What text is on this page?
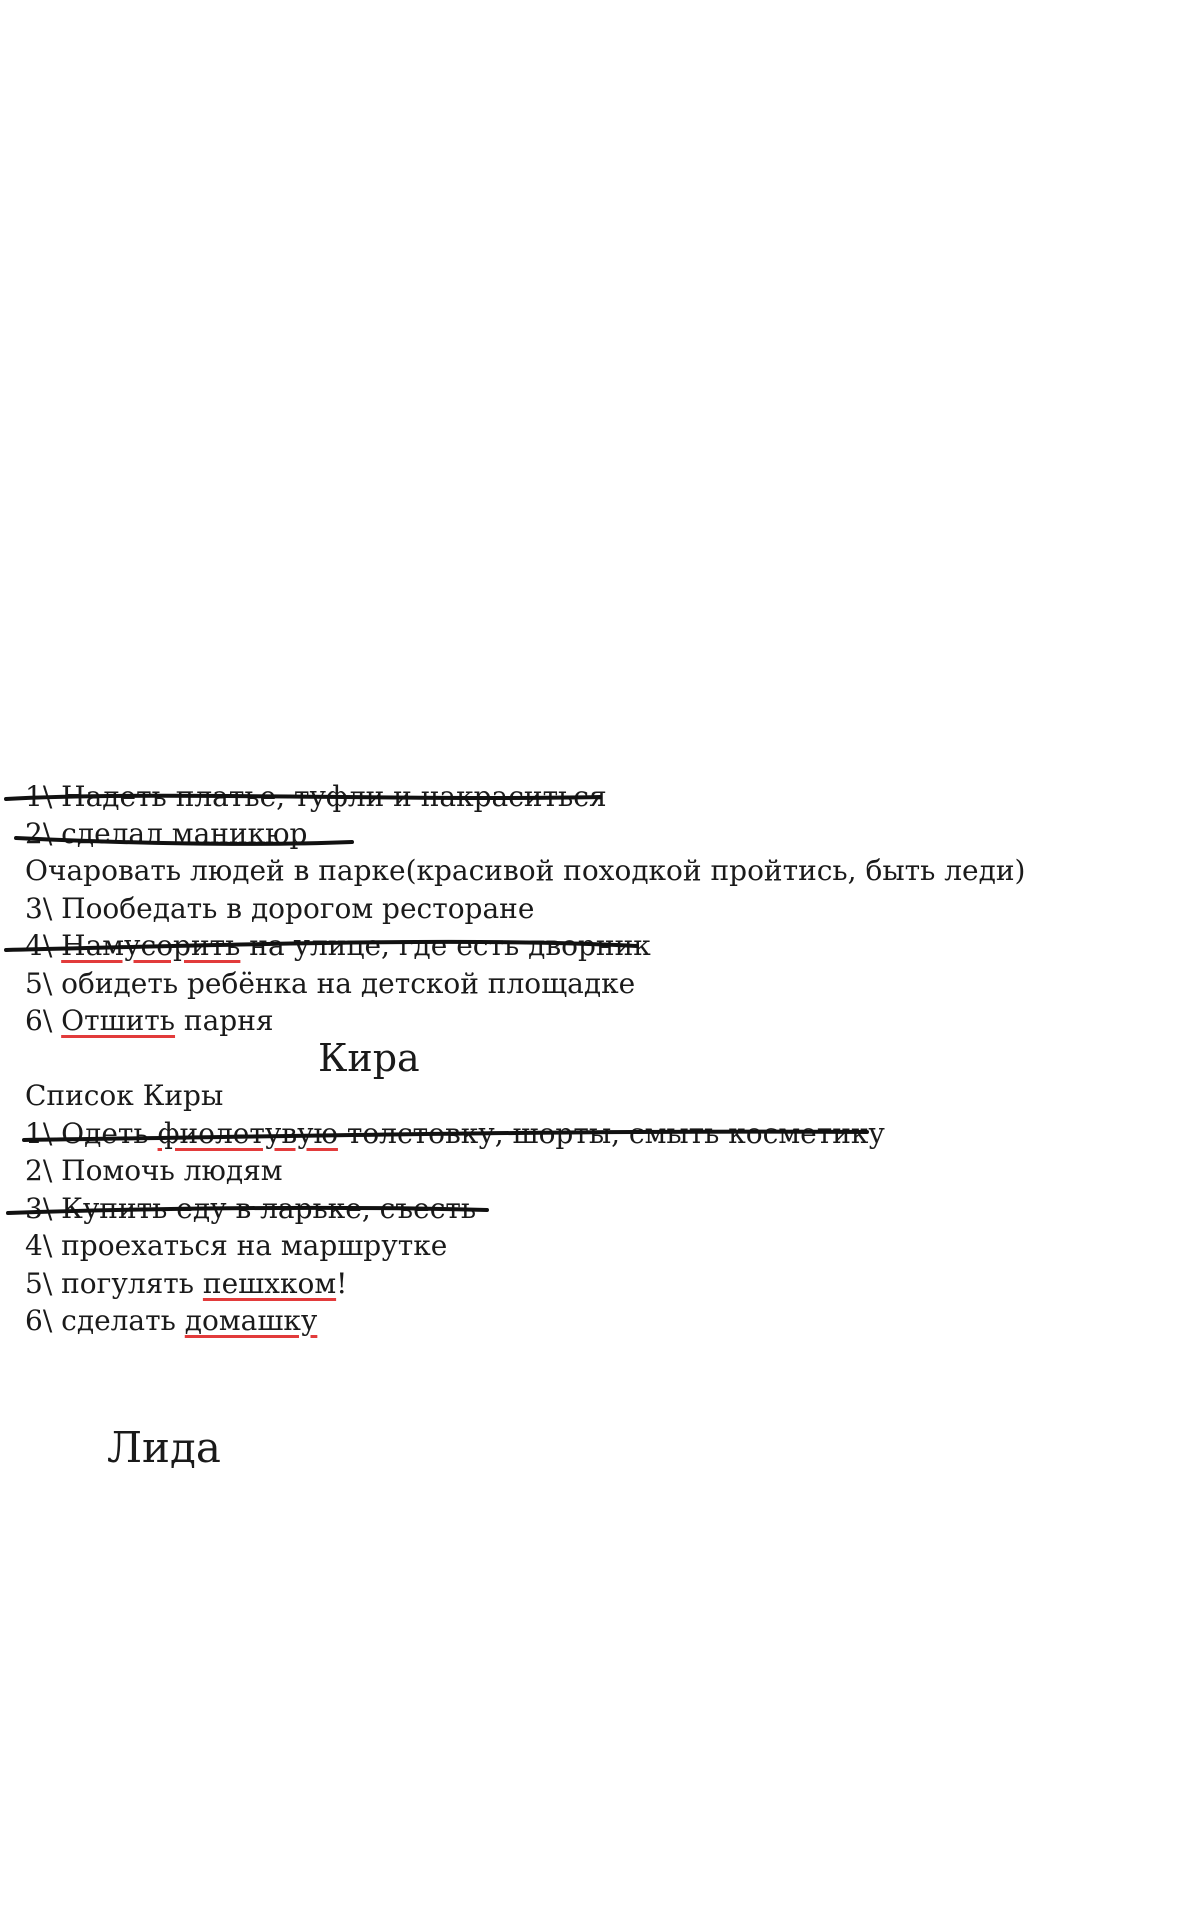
1\ Надеть платье, туфли и накраситься
2\ сделал маникюр
Очаровать людей в парке(красивой походкой пройтись, быть леди)
3\ Пообедать в дорогом ресторане
4\ Намусорить на улице, где есть дворник
5\ обидеть ребёнка на детской площадке
6\ Отшить парня
Кира
Список Киры
1\ Одеть фиолетувую толстовку, шорты, смыть косметику
2\ Помочь людям
3\ Купить еду в ларьке, съесть
4\ проехаться на маршрутке
5\ погулять пешхком!
6\ сделать домашку
Лида
